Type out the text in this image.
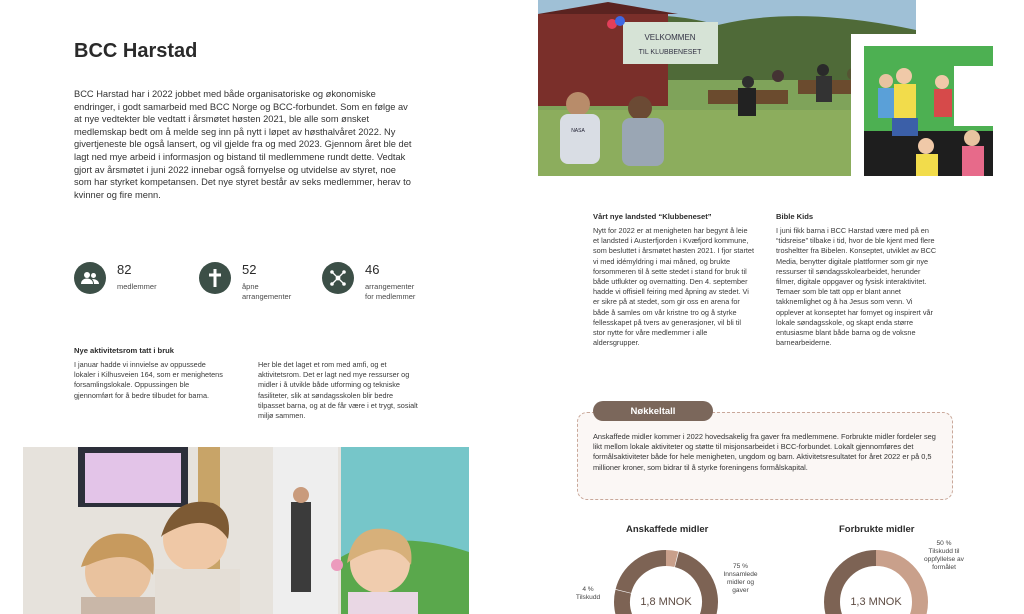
BCC Harstad
BCC Harstad har i 2022 jobbet med både organisatoriske og økonomiske endringer, i godt samarbeid med BCC Norge og BCC-forbundet. Som en følge av at nye vedtekter ble vedtatt i årsmøtet høsten 2021, ble alle som ønsket medlemskap bedt om å melde seg inn på nytt i løpet av høsthalvåret 2022. Ny givertjeneste ble også lansert, og vil gjelde fra og med 2023. Gjennom året ble det lagt ned mye arbeid i informasjon og bistand til medlemmene rundt dette. Vedtak gjort av årsmøtet i juni 2022 innebar også fornyelse og utvidelse av styret, noe som har styrket kompetansen. Det nye styret består av seks medlemmer, herav to kvinner og fire menn.
82
medlemmer
52
åpne
arrangementer
46
arrangementer
for medlemmer
Nye aktivitetsrom tatt i bruk
I januar hadde vi innvielse av oppussede lokaler i Kilhusveien 164, som er menighetens forsamlingslokale. Oppussingen ble gjennomført for å bedre tilbudet for barna.
Her ble det laget et rom med amfi, og et aktivitetsrom. Det er lagt ned mye ressurser og midler i å utvikle både utforming og tekniske fasiliteter, slik at søndagsskolen blir bedre tilpasset barna, og at de får være i et trygt, sosialt miljø sammen.
VELKOMMEN
TIL KLUBBENESET
NASA
Vårt nye landsted “Klubbeneset”
Nytt for 2022 er at menigheten har begynt å leie et landsted i Austerfjorden i Kvæfjord kommune, som besluttet i årsmøtet høsten 2021. I fjor startet vi med idémyldring i mai måned, og brukte forsommeren til å sette stedet i stand for bruk til både utflukter og overnatting. Den 4. september hadde vi offisiell feiring med åpning av stedet. Vi er sikre på at stedet, som gir oss en arena for både å samles om vår kristne tro og å styrke fellesskapet på tvers av generasjoner, vil bli til stor nytte for våre medlemmer i alle aldersgrupper.
Bible Kids
I juni fikk barna i BCC Harstad være med på en “tidsreise” tilbake i tid, hvor de ble kjent med flere trosheltter fra Bibelen. Konseptet, utviklet av BCC Media, benytter digitale plattformer som gir nye ressurser til søndagsskolearbeidet, herunder filmer, digitale oppgaver og fysisk interaktivitet. Temaer som ble tatt opp er blant annet takknemlighet og å ha Jesus som venn. Vi opplever at konseptet har fornyet og inspirert vår lokale søndagsskole, og skapt enda større entusiasme blant både barna og de voksne barnearbeiderne.
Nøkkeltall
Anskaffede midler kommer i 2022 hovedsakelig fra gaver fra medlemmene. Forbrukte midler fordeler seg likt mellom lokale aktiviteter og støtte til misjonsarbeidet i BCC-forbundet. Lokalt gjennomføres det formålsaktiviteter både for hele menigheten, ungdom og barn. Aktivitetsresultatet for året 2022 er på 0,5 millioner kroner, som bidrar til å styrke foreningens formålskapital.
Anskaffede midler	Forbrukte midler
4 %
Tilskudd
75 %
Innsamlede
midler og
gaver
50 %
Tilskudd til
oppfyllelse av
formålet
1,8 MNOK	1,3 MNOK
